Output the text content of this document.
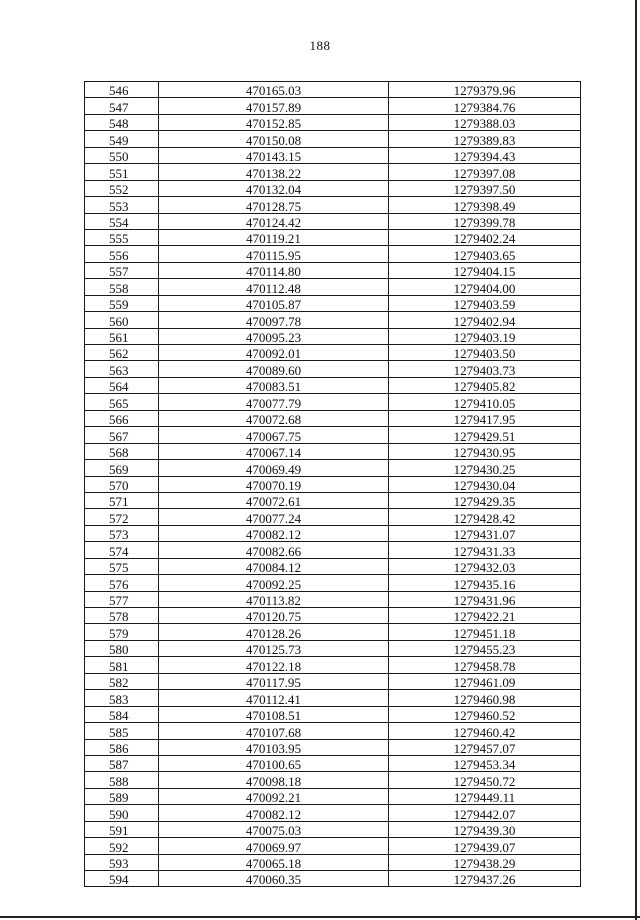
188
546	470165.03	1279379.96
547	470157.89	1279384.76
548	470152.85	1279388.03
549	470150.08	1279389.83
550	470143.15	1279394.43
551	470138.22	1279397.08
552	470132.04	1279397.50
553	470128.75	1279398.49
554	470124.42	1279399.78
555	470119.21	1279402.24
556	470115.95	1279403.65
557	470114.80	1279404.15
558	470112.48	1279404.00
559	470105.87	1279403.59
560	470097.78	1279402.94
561	470095.23	1279403.19
562	470092.01	1279403.50
563	470089.60	1279403.73
564	470083.51	1279405.82
565	470077.79	1279410.05
566	470072.68	1279417.95
567	470067.75	1279429.51
568	470067.14	1279430.95
569	470069.49	1279430.25
570	470070.19	1279430.04
571	470072.61	1279429.35
572	470077.24	1279428.42
573	470082.12	1279431.07
574	470082.66	1279431.33
575	470084.12	1279432.03
576	470092.25	1279435.16
577	470113.82	1279431.96
578	470120.75	1279422.21
579	470128.26	1279451.18
580	470125.73	1279455.23
581	470122.18	1279458.78
582	470117.95	1279461.09
583	470112.41	1279460.98
584	470108.51	1279460.52
585	470107.68	1279460.42
586	470103.95	1279457.07
587	470100.65	1279453.34
588	470098.18	1279450.72
589	470092.21	1279449.11
590	470082.12	1279442.07
591	470075.03	1279439.30
592	470069.97	1279439.07
593	470065.18	1279438.29
594	470060.35	1279437.26
